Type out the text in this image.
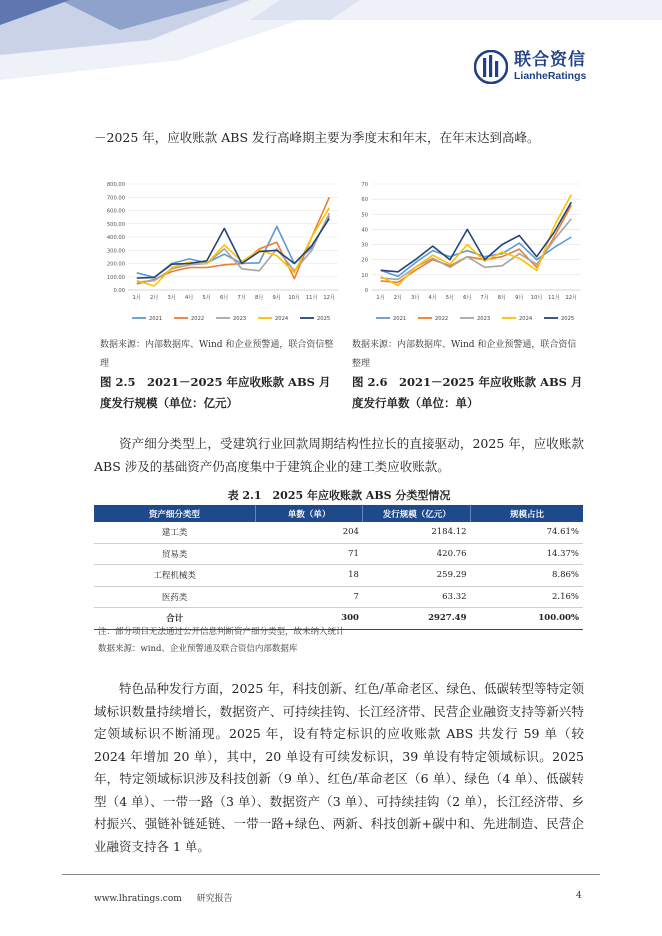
联合资信
LianheRatings
－2025 年，应收账款 ABS 发行高峰期主要为季度末和年末，在年末达到高峰。
0.00
100.00
200.00
300.00
400.00
500.00
600.00
700.00
800.00
1月 2月 3月 4月 5月 6月 7月 8月 9月 10月 11月 12月
2021	2022	2023	2024	2025
0
10
20
30
40
50
60
70
1月 2月 3月 4月 5月 6月 7月 8月 9月 10月 11月 12月
2021	2022	2023	2024	2025
数据来源：内部数据库、Wind 和企业预警通，联合资信整理
数据来源：内部数据库、Wind 和企业预警通，联合资信整理
图 2.5　2021－2025 年应收账款 ABS 月度发行规模（单位：亿元）
图 2.6　2021－2025 年应收账款 ABS 月度发行单数（单位：单）
资产细分类型上，受建筑行业回款周期结构性拉长的直接驱动，2025 年，应收账款 ABS 涉及的基础资产仍高度集中于建筑企业的建工类应收账款。
表 2.1　2025 年应收账款 ABS 分类型情况
资产细分类型	单数（单）	发行规模（亿元）	规模占比
建工类	204	2184.12	74.61%
贸易类	71	420.76	14.37%
工程机械类	18	259.29	8.86%
医药类	7	63.32	2.16%
合计	300	2927.49	100.00%
注：部分项目无法通过公开信息判断资产细分类型，故未纳入统计
数据来源：wind、企业预警通及联合资信内部数据库
特色品种发行方面，2025 年，科技创新、红色/革命老区、绿色、低碳转型等特定领域标识数量持续增长，数据资产、可持续挂钩、长江经济带、民营企业融资支持等新兴特定领域标识不断涌现。2025 年，设有特定标识的应收账款 ABS 共发行 59 单（较 2024 年增加 20 单），其中，20 单设有可续发标识，39 单设有特定领域标识。2025 年，特定领域标识涉及科技创新（9 单）、红色/革命老区（6 单）、绿色（4 单）、低碳转型（4 单）、一带一路（3 单）、数据资产（3 单）、可持续挂钩（2 单），长江经济带、乡村振兴、强链补链延链、一带一路+绿色、两新、科技创新+碳中和、先进制造、民营企业融资支持各 1 单。
www.lhratings.com 研究报告	4
